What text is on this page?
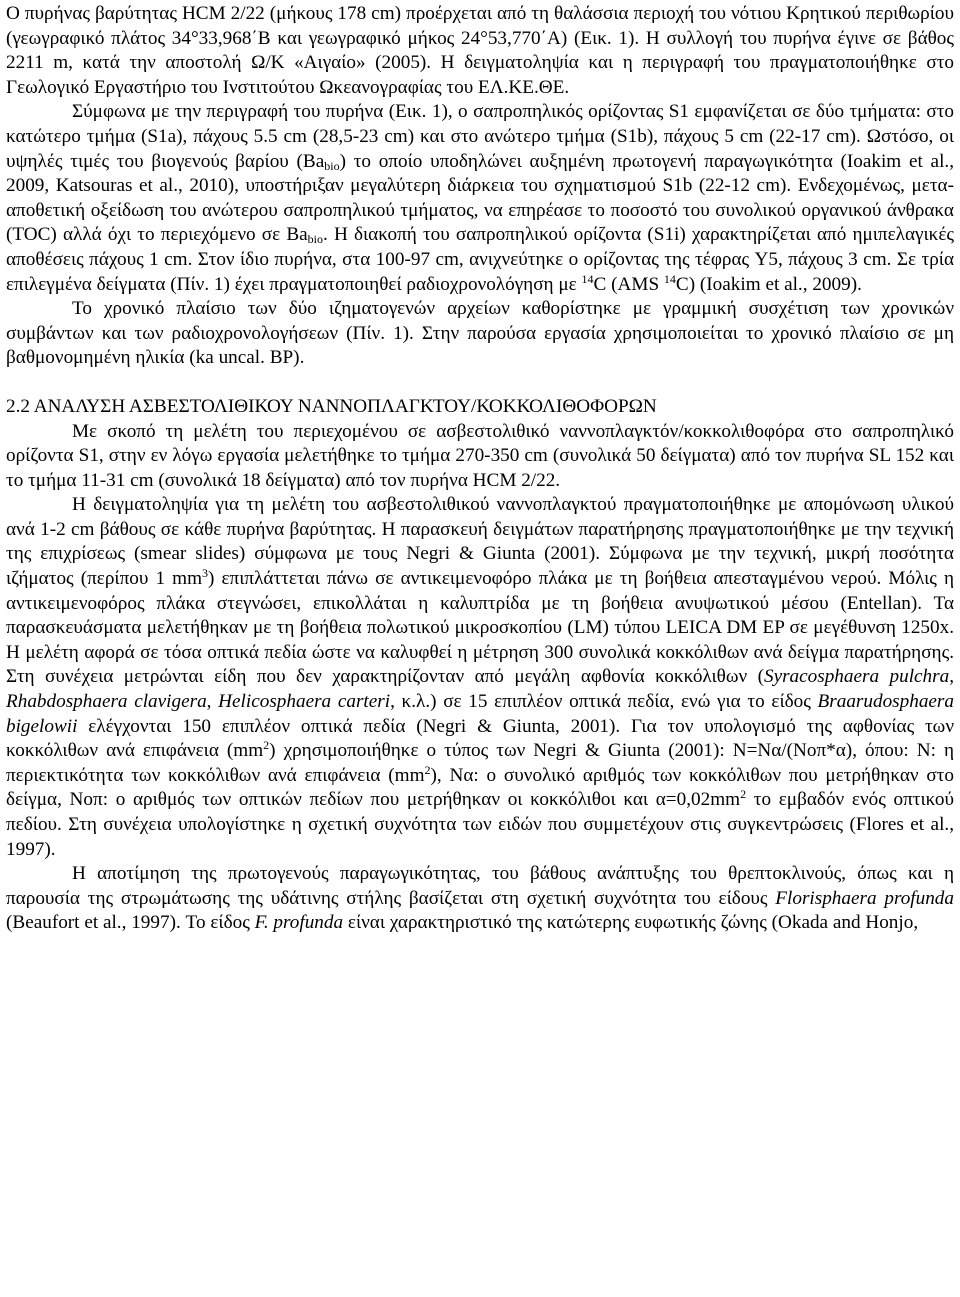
Ο πυρήνας βαρύτητας HCM 2/22 (μήκους 178 cm) προέρχεται από τη θαλάσσια περιοχή του νότιου Κρητικού περιθωρίου (γεωγραφικό πλάτος 34°33,968΄Β και γεωγραφικό μήκος 24°53,770΄Α) (Εικ. 1). Η συλλογή του πυρήνα έγινε σε βάθος 2211 m, κατά την αποστολή Ω/Κ «Αιγαίο» (2005). Η δειγματοληψία και η περιγραφή του πραγματοποιήθηκε στο Γεωλογικό Εργαστήριο του Ινστιτούτου Ωκεανογραφίας του ΕΛ.ΚΕ.ΘΕ.

Σύμφωνα με την περιγραφή του πυρήνα (Εικ. 1), ο σαπροπηλικός ορίζοντας S1 εμφανίζεται σε δύο τμήματα: στο κατώτερο τμήμα (S1a), πάχους 5.5 cm (28,5-23 cm) και στο ανώτερο τμήμα (S1b), πάχους 5 cm (22-17 cm). Ωστόσο, οι υψηλές τιμές του βιογενούς βαρίου $(Ba_{bio})$ το οποίο υποδηλώνει αυξημένη πρωτογενή παραγωγικότητα (Ioakim et al., 2009, Katsouras et al., 2010), υποστήριξαν μεγαλύτερη διάρκεια του σχηματισμού S1b (22-12 cm). Ενδεχομένως, μετα-αποθετική οξείδωση του ανώτερου σαπροπηλικού τμήματος, να επηρέασε το ποσοστό του συνολικού οργανικού άνθρακα (TOC) αλλά όχι το περιεχόμενο σε $Ba_{bio}$. Η διακοπή του σαπροπηλικού ορίζοντα (S1i) χαρακτηρίζεται από ημιπελαγικές αποθέσεις πάχους 1 cm. Στον ίδιο πυρήνα, στα 100-97 cm, ανιχνεύτηκε ο ορίζοντας της τέφρας Y5, πάχους 3 cm. Σε τρία επιλεγμένα δείγματα (Πίν. 1) έχει πραγματοποιηθεί ραδιοχρονολόγηση με $^{14}$C (AMS $^{14}$C) (Ioakim et al., 2009).

Το χρονικό πλαίσιο των δύο ιζηματογενών αρχείων καθορίστηκε με γραμμική συσχέτιση των χρονικών συμβάντων και των ραδιοχρονολογήσεων (Πίν. 1). Στην παρούσα εργασία χρησιμοποιείται το χρονικό πλαίσιο σε μη βαθμονομημένη ηλικία (ka uncal. BP).

2.2 ΑΝΑΛΥΣΗ ΑΣΒΕΣΤΟΛΙΘΙΚΟΥ ΝΑΝΝΟΠΛΑΓΚΤΟΥ/ΚΟΚΚΟΛΙΘΟΦΟΡΩΝ

Με σκοπό τη μελέτη του περιεχομένου σε ασβεστολιθικό ναννοπλαγκτόν/κοκκολιθοφόρα στο σαπροπηλικό ορίζοντα S1, στην εν λόγω εργασία μελετήθηκε το τμήμα 270-350 cm (συνολικά 50 δείγματα) από τον πυρήνα SL 152 και το τμήμα 11-31 cm (συνολικά 18 δείγματα) από τον πυρήνα HCM 2/22.

Η δειγματοληψία για τη μελέτη του ασβεστολιθικού ναννοπλαγκτού πραγματοποιήθηκε με απομόνωση υλικού ανά 1-2 cm βάθους σε κάθε πυρήνα βαρύτητας. Η παρασκευή δειγμάτων παρατήρησης πραγματοποιήθηκε με την τεχνική της επιχρίσεως (smear slides) σύμφωνα με τους Negri & Giunta (2001). Σύμφωνα με την τεχνική, μικρή ποσότητα ιζήματος (περίπου 1 $mm^3$) επιπλάττεται πάνω σε αντικειμενοφόρο πλάκα με τη βοήθεια απεσταγμένου νερού. Μόλις η αντικειμενοφόρος πλάκα στεγνώσει, επικολλάται η καλυπτρίδα με τη βοήθεια ανυψωτικού μέσου (Entellan). Τα παρασκευάσματα μελετήθηκαν με τη βοήθεια πολωτικού μικροσκοπίου (LM) τύπου LEICA DM EP σε μεγέθυνση 1250x. Η μελέτη αφορά σε τόσα οπτικά πεδία ώστε να καλυφθεί η μέτρηση 300 συνολικά κοκκόλιθων ανά δείγμα παρατήρησης. Στη συνέχεια μετρώνται είδη που δεν χαρακτηρίζονταν από μεγάλη αφθονία κοκκόλιθων (Syracosphaera pulchra, Rhabdosphaera clavigera, Helicosphaera carteri, κ.λ.) σε 15 επιπλέον οπτικά πεδία, ενώ για το είδος Braarudosphaera bigelowii ελέγχονται 150 επιπλέον οπτικά πεδία (Negri & Giunta, 2001). Για τον υπολογισμό της αφθονίας των κοκκόλιθων ανά επιφάνεια $(mm^2)$ χρησιμοποιήθηκε ο τύπος των Negri & Giunta (2001): N=Nα/(Nοπ*α), όπου: N: η περιεκτικότητα των κοκκόλιθων ανά επιφάνεια $(mm^2)$, Nα: ο συνολικό αριθμός των κοκκόλιθων που μετρήθηκαν στο δείγμα, Nοπ: ο αριθμός των οπτικών πεδίων που μετρήθηκαν οι κοκκόλιθοι και $\alpha=0,02mm^2$ το εμβαδόν ενός οπτικού πεδίου. Στη συνέχεια υπολογίστηκε η σχετική συχνότητα των ειδών που συμμετέχουν στις συγκεντρώσεις (Flores et al., 1997).

Η αποτίμηση της πρωτογενούς παραγωγικότητας, του βάθους ανάπτυξης του θρεπτοκλινούς, όπως και η παρουσία της στρωμάτωσης της υδάτινης στήλης βασίζεται στη σχετική συχνότητα του είδους Florisphaera profunda (Beaufort et al., 1997). Το είδος F. profunda είναι χαρακτηριστικό της κατώτερης ευφωτικής ζώνης (Okada and Honjo,
